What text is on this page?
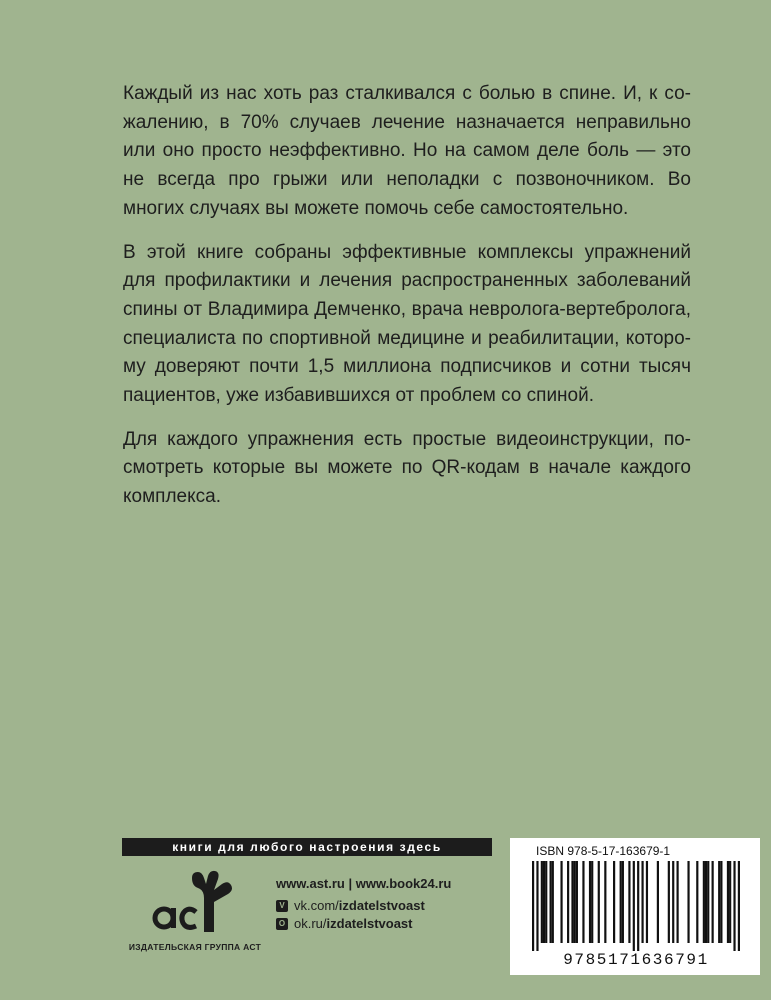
Каждый из нас хоть раз сталкивался с болью в спине. И, к сожалению, в 70% случаев лечение назначается неправильно или оно просто неэффективно. Но на самом деле боль — это не всегда про грыжи или неполадки с позвоночником. Во многих случаях вы можете помочь себе самостоятельно.

В этой книге собраны эффективные комплексы упражнений для профилактики и лечения распространенных заболеваний спины от Владимира Демченко, врача невролога-вертебролога, специалиста по спортивной медицине и реабилитации, которому доверяют почти 1,5 миллиона подписчиков и сотни тысяч пациентов, уже избавившихся от проблем со спиной.

Для каждого упражнения есть простые видеоинструкции, посмотреть которые вы можете по QR-кодам в начале каждого комплекса.

книги для любого настроения здесь
ИЗДАТЕЛЬСКАЯ ГРУППА АСТ
www.ast.ru | www.book24.ru
V vk.com/ izdatelstvoast
O ok.ru/ izdatelstvoast
ISBN 978-5-17-163679-1
9785171636791
